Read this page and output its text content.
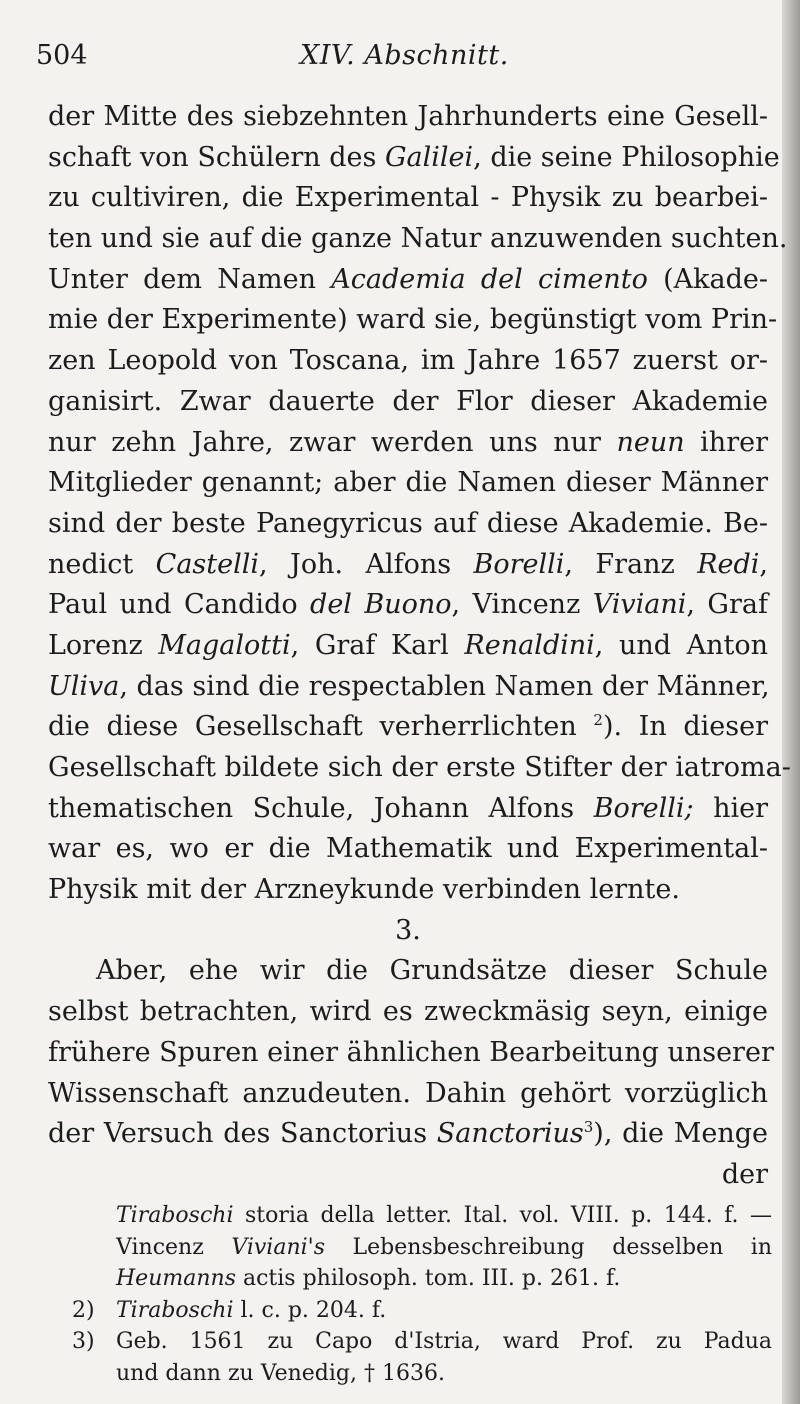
504	XIV. Abschnitt.
der Mitte des siebzehnten Jahrhunderts eine Gesell-
schaft von Schülern des Galilei, die seine Philosophie
zu cultiviren, die Experimental - Physik zu bearbei-
ten und sie auf die ganze Natur anzuwenden suchten.
Unter dem Namen Academia del cimento (Akade-
mie der Experimente) ward sie, begünstigt vom Prin-
zen Leopold von Toscana, im Jahre 1657 zuerst or-
ganisirt. Zwar dauerte der Flor dieser Akademie
nur zehn Jahre, zwar werden uns nur neun ihrer
Mitglieder genannt; aber die Namen dieser Männer
sind der beste Panegyricus auf diese Akademie. Be-
nedict Castelli, Joh. Alfons Borelli, Franz Redi,
Paul und Candido del Buono, Vincenz Viviani, Graf
Lorenz Magalotti, Graf Karl Renaldini, und Anton
Uliva, das sind die respectablen Namen der Männer,
die diese Gesellschaft verherrlichten $^2$). In dieser
Gesellschaft bildete sich der erste Stifter der iatroma-
thematischen Schule, Johann Alfons Borelli; hier
war es, wo er die Mathematik und Experimental-
Physik mit der Arzneykunde verbinden lernte.
3.
Aber, ehe wir die Grundsätze dieser Schule
selbst betrachten, wird es zweckmäsig seyn, einige
frühere Spuren einer ähnlichen Bearbeitung unserer
Wissenschaft anzudeuten. Dahin gehört vorzüglich
der Versuch des Sanctorius Sanctorius$^3$), die Menge
der
Tiraboschi storia della letter. Ital. vol. VIII. p. 144. f. —
Vincenz Viviani's Lebensbeschreibung desselben in
Heumanns actis philosoph. tom. III. p. 261. f.
2) Tiraboschi l. c. p. 204. f.
3) Geb. 1561 zu Capo d'Istria, ward Prof. zu Padua
und dann zu Venedig, † 1636.
